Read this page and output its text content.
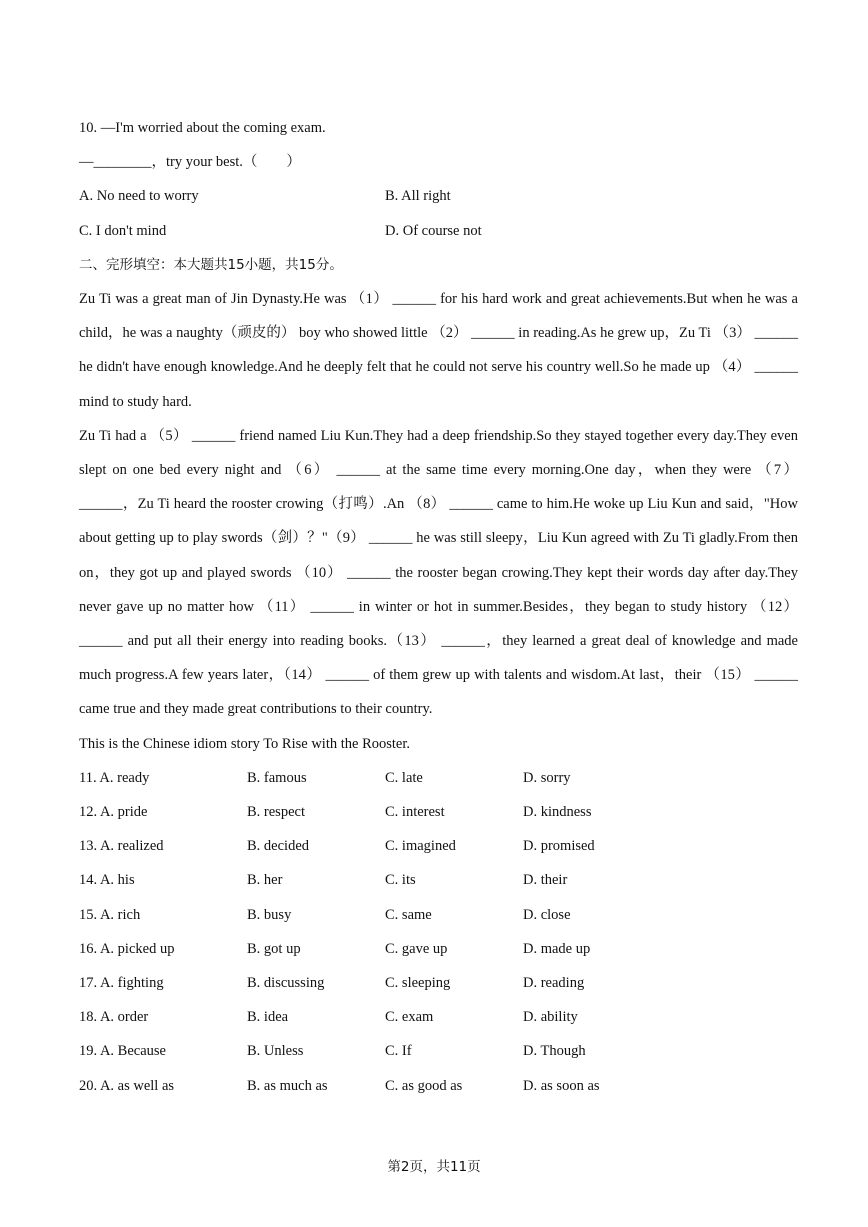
10. —I'm worried about the coming exam.
—________，try your best.（　　）
A. No need to worry	B. All right
C. I don't mind	D. Of course not
二、完形填空：本大题共15小题，共15分。
Zu Ti was a great man of Jin Dynasty.He was （1） ______ for his hard work and great achievements.But when he was a child，he was a naughty（顽皮的） boy who showed little （2） ______ in reading.As he grew up，Zu Ti （3） ______ he didn't have enough knowledge.And he deeply felt that he could not serve his country well.So he made up （4） ______ mind to study hard.
Zu Ti had a （5） ______ friend named Liu Kun.They had a deep friendship.So they stayed together every day.They even slept on one bed every night and （6） ______ at the same time every morning.One day，when they were （7） ______，Zu Ti heard the rooster crowing（打鸣）.An （8） ______ came to him.He woke up Liu Kun and said，"How about getting up to play swords（剑）？"（9） ______ he was still sleepy，Liu Kun agreed with Zu Ti gladly.From then on，they got up and played swords （10） ______ the rooster began crowing.They kept their words day after day.They never gave up no matter how （11） ______ in winter or hot in summer.Besides，they began to study history （12） ______ and put all their energy into reading books.（13） ______，they learned a great deal of knowledge and made much progress.A few years later，（14） ______ of them grew up with talents and wisdom.At last，their （15） ______ came true and they made great contributions to their country.
This is the Chinese idiom story To Rise with the Rooster.
11. A. ready	B. famous	C. late	D. sorry
12. A. pride	B. respect	C. interest	D. kindness
13. A. realized	B. decided	C. imagined	D. promised
14. A. his	B. her	C. its	D. their
15. A. rich	B. busy	C. same	D. close
16. A. picked up	B. got up	C. gave up	D. made up
17. A. fighting	B. discussing	C. sleeping	D. reading
18. A. order	B. idea	C. exam	D. ability
19. A. Because	B. Unless	C. If	D. Though
20. A. as well as	B. as much as	C. as good as	D. as soon as
第2页，共11页
